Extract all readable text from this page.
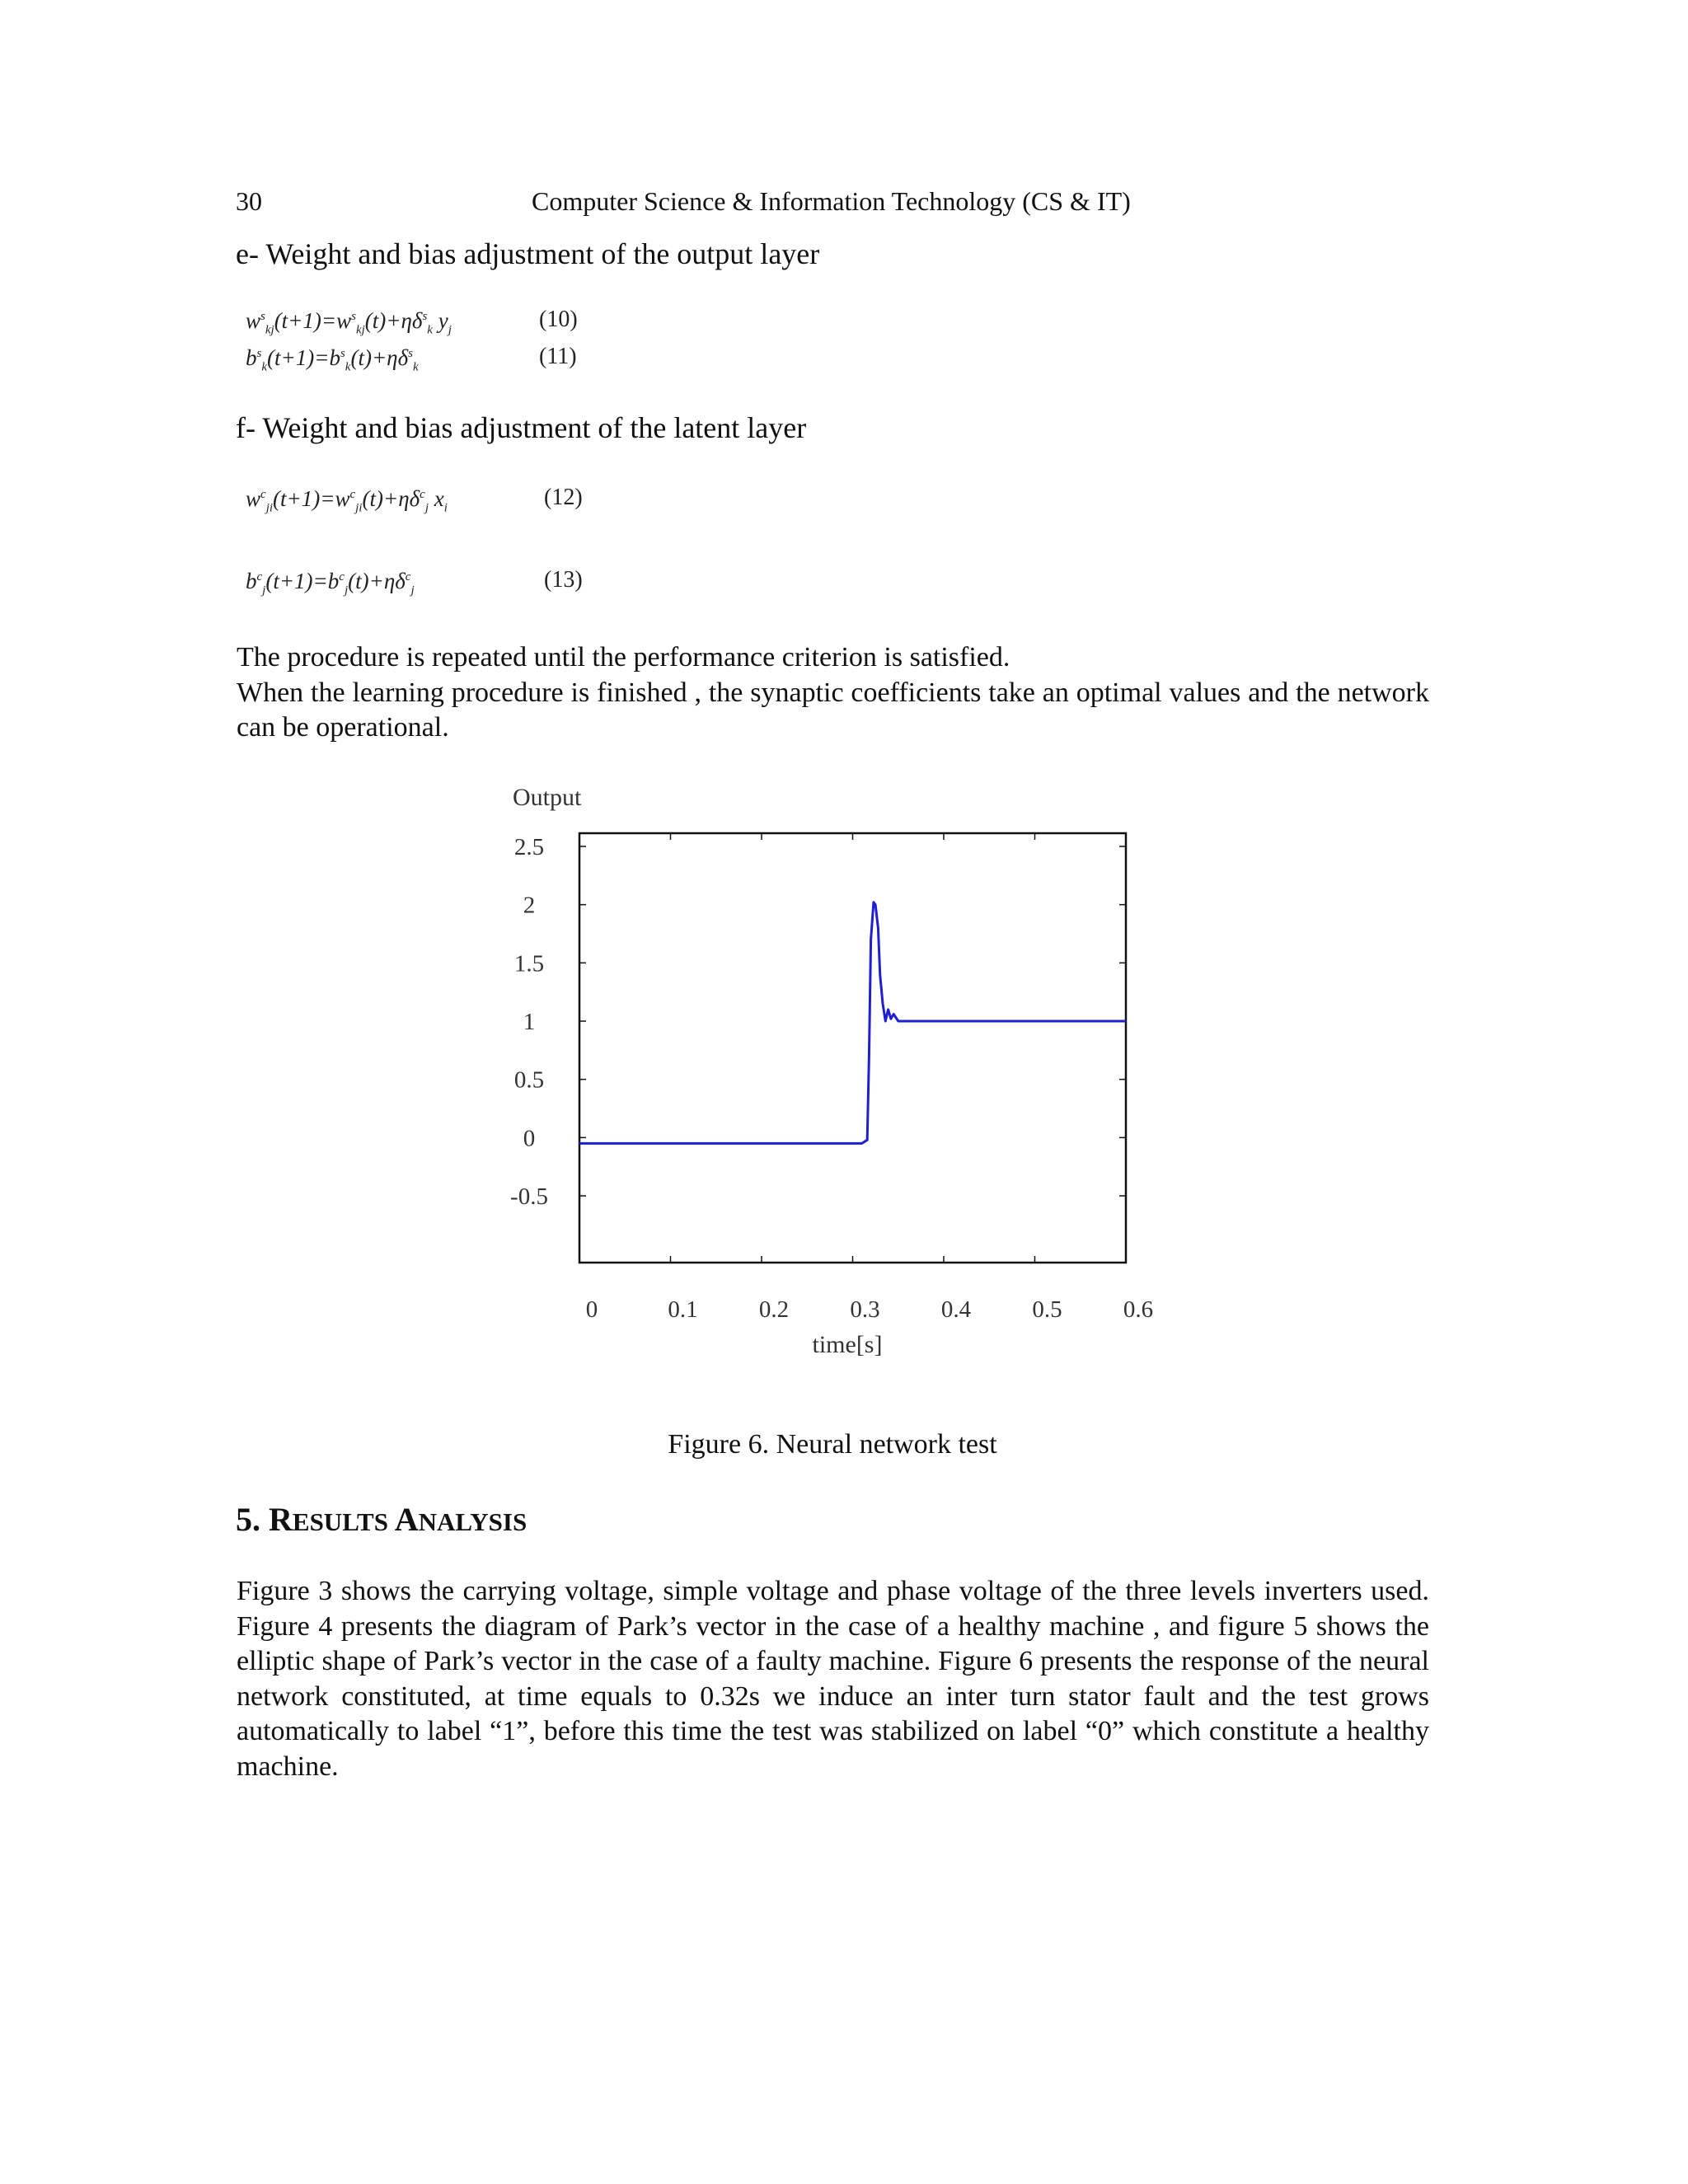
30	Computer Science & Information Technology (CS & IT)
e- Weight and bias adjustment of the output layer
$w^s_{kj}(t+1)=w^s_{kj}(t)+\eta\delta^s_k$ $y_j$	(10)
$b^s_k(t+1)=b^s_k(t)+\eta\delta^s_k$	(11)
f- Weight and bias adjustment of the latent layer
$w^c_{ji}(t+1)=w^c_{ji}(t)+\eta\delta^c_j$ $x_i$	(12)
$b^c_j(t+1)=b^c_j(t)+\eta\delta^c_j$	(13)
The procedure is repeated until the performance criterion is satisfied.

When the learning procedure is finished , the synaptic coefficients take an optimal values and the network can be operational.

Output
2.5
2
1.5
1
0.5
0
-0.5
0	0.1	0.2	0.3	0.4	0.5	0.6
time[s]
Figure 6. Neural network test
5. RESULTS ANALYSIS

Figure 3 shows the carrying voltage, simple voltage and phase voltage of the three levels inverters used. Figure 4 presents the diagram of Park’s vector in the case of a healthy machine , and figure 5 shows the elliptic shape of Park’s vector in the case of a faulty machine. Figure 6 presents the response of the neural network constituted, at time equals to 0.32s we induce an inter turn stator fault and the test grows automatically to label “1”, before this time the test was stabilized on label “0” which constitute a healthy machine.
